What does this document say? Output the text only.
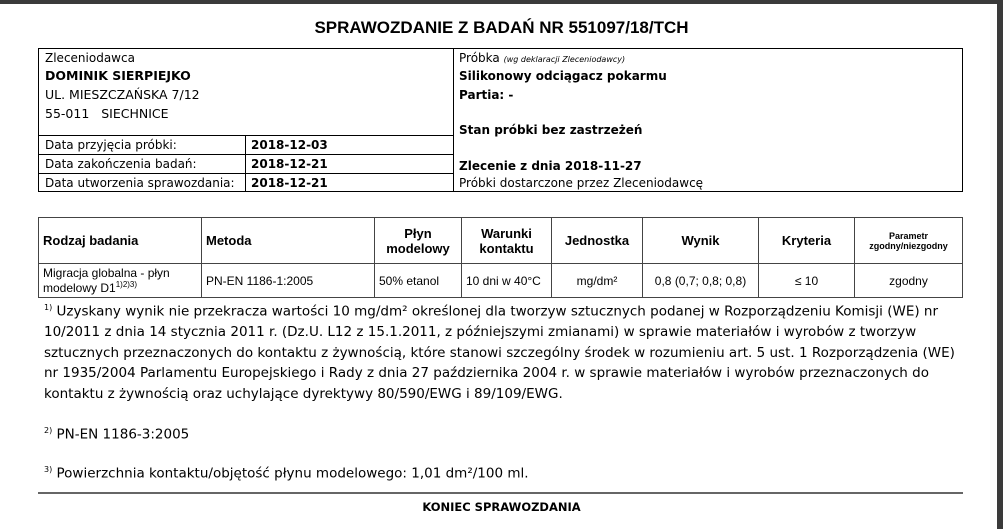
SPRAWOZDANIE Z BADAŃ NR 551097/18/TCH
Zleceniodawca
DOMINIK SIERPIEJKO
UL. MIESZCZAŃSKA 7/12
55-011   SIECHNICE
Data przyjęcia próbki:	2018-12-03
Data zakończenia badań:	2018-12-21
Data utworzenia sprawozdania: 2018-12-21
Próbka (wg deklaracji Zleceniodawcy)
Silikonowy odciągacz pokarmu
Partia: -
Stan próbki bez zastrzeżeń
Zlecenie z dnia 2018-11-27
Próbki dostarczone przez Zleceniodawcę
Rodzaj badania	Metoda	Płyn modelowy	Warunki kontaktu	Jednostka	Wynik	Kryteria	Parametr zgodny/niezgodny
Migracja globalna - płyn modelowy $D1^{1)2)3)}$	PN-EN 1186-1:2005	50% etanol	10 dni w 40°C	mg/dm²	0,8 (0,7; 0,8; 0,8)	≤ 10	zgodny
$^{1)}$ Uzyskany wynik nie przekracza wartości 10 mg/dm² określonej dla tworzyw sztucznych podanej w Rozporządzeniu Komisji (WE) nr 10/2011 z dnia 14 stycznia 2011 r. (Dz.U. L12 z 15.1.2011, z późniejszymi zmianami) w sprawie materiałów i wyrobów z tworzyw sztucznych przeznaczonych do kontaktu z żywnością, które stanowi szczególny środek w rozumieniu art. 5 ust. 1 Rozporządzenia (WE) nr 1935/2004 Parlamentu Europejskiego i Rady z dnia 27 października 2004 r. w sprawie materiałów i wyrobów przeznaczonych do kontaktu z żywnością oraz uchylające dyrektywy 80/590/EWG i 89/109/EWG.
$^{2)}$ PN-EN 1186-3:2005
$^{3)}$ Powierzchnia kontaktu/objętość płynu modelowego: 1,01 dm²/100 ml.
KONIEC SPRAWOZDANIA
